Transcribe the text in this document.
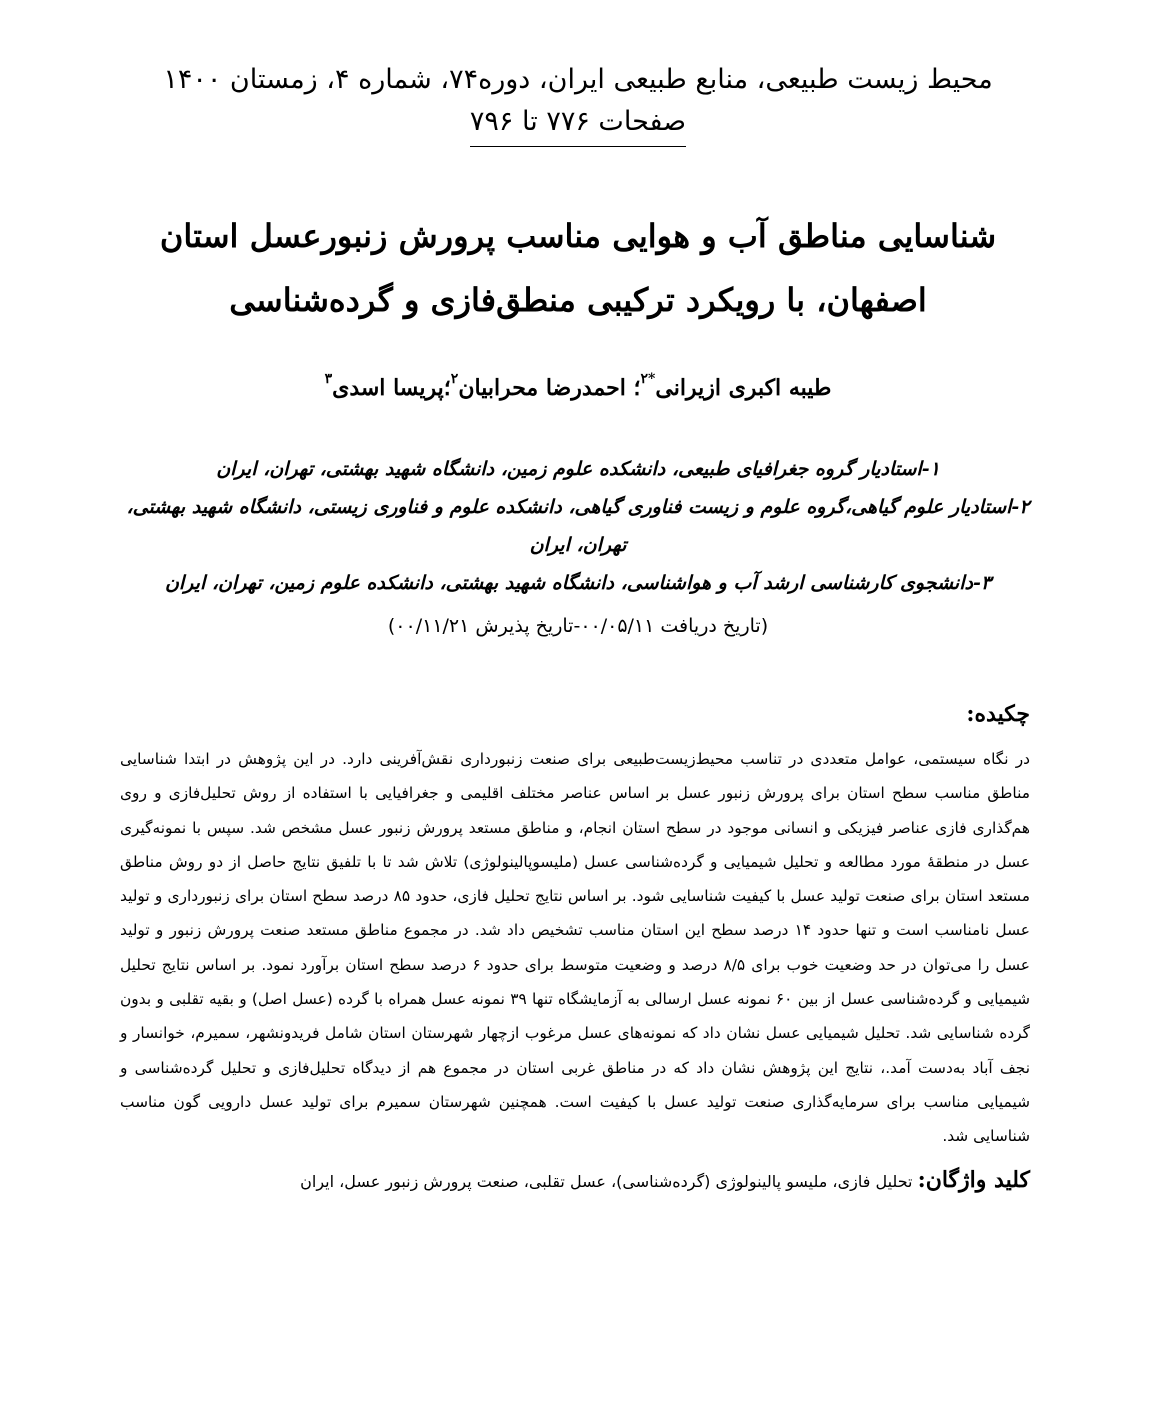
محیط زیست طبیعی، منابع طبیعی ایران، دوره۷۴، شماره ۴، زمستان ۱۴۰۰
صفحات ۷۷۶ تا ۷۹۶
شناسایی مناطق آب و هوایی مناسب پرورش زنبورعسل استان اصفهان، با رویکرد ترکیبی منطق‌فازی و گرده‌شناسی
طیبه اکبری ازیرانی$^{*۲}$؛ احمدرضا محرابیان$^۲$؛پریسا اسدی$^۳$
۱-استادیار گروه جغرافیای طبیعی، دانشکده علوم زمین، دانشگاه شهید بهشتی، تهران، ایران
۲-استادیار علوم گیاهی،گروه علوم و زیست فناوری گیاهی، دانشکده علوم و فناوری زیستی، دانشگاه شهید بهشتی، تهران، ایران
۳-دانشجوی کارشناسی ارشد آب و هواشناسی، دانشگاه شهید بهشتی، دانشکده علوم زمین، تهران، ایران
(تاریخ دریافت ۰۰/۰۵/۱۱-تاریخ پذیرش ۰۰/۱۱/۲۱)
چکیده:

در نگاه سیستمی، عوامل متعددی در تناسب محیط‌زیست‌طبیعی برای صنعت زنبورداری نقش‌آفرینی دارد. در این پژوهش در ابتدا شناسایی مناطق مناسب سطح استان برای پرورش زنبور عسل بر اساس عناصر مختلف اقلیمی و جغرافیایی با استفاده از روش تحلیل‌فازی و روی هم‌گذاری فازی عناصر فیزیکی و انسانی موجود در سطح استان انجام، و مناطق مستعد پرورش زنبور عسل مشخص شد. سپس با نمونه‌گیری عسل در منطقهٔ مورد مطالعه و تحلیل شیمیایی و گرده‌شناسی عسل (ملیسوپالینولوژی) تلاش شد تا با تلفیق نتایج حاصل از دو روش مناطق مستعد استان برای صنعت تولید عسل با کیفیت شناسایی شود. بر اساس نتایج تحلیل فازی، حدود ۸۵ درصد سطح استان برای زنبورداری و تولید عسل نامناسب است و تنها حدود ۱۴ درصد سطح این استان مناسب تشخیص داد شد. در مجموع مناطق مستعد صنعت پرورش زنبور و تولید عسل را می‌توان در حد وضعیت خوب برای ۸/۵ درصد و وضعیت متوسط برای حدود ۶ درصد سطح استان برآورد نمود. بر اساس نتایج تحلیل شیمیایی و گرده‌شناسی عسل از بین ۶۰ نمونه عسل ارسالی به آزمایشگاه تنها ۳۹ نمونه عسل همراه با گرده (عسل اصل) و بقیه تقلبی و بدون گرده شناسایی شد. تحلیل شیمیایی عسل نشان داد که نمونه‌های عسل مرغوب ازچهار شهرستان استان شامل فریدونشهر، سمیرم، خوانسار و نجف آباد به‌دست آمد.، نتایج این پژوهش نشان داد که در مناطق غربی استان در مجموع هم از دیدگاه تحلیل‌فازی و تحلیل گرده‌شناسی و شیمیایی مناسب برای سرمایه‌گذاری صنعت تولید عسل با کیفیت است. همچنین شهرستان سمیرم برای تولید عسل دارویی گون مناسب شناسایی شد.

کلید واژگان: تحلیل فازی، ملیسو پالینولوژی (گرده‌شناسی)، عسل تقلبی، صنعت پرورش زنبور عسل، ایران
